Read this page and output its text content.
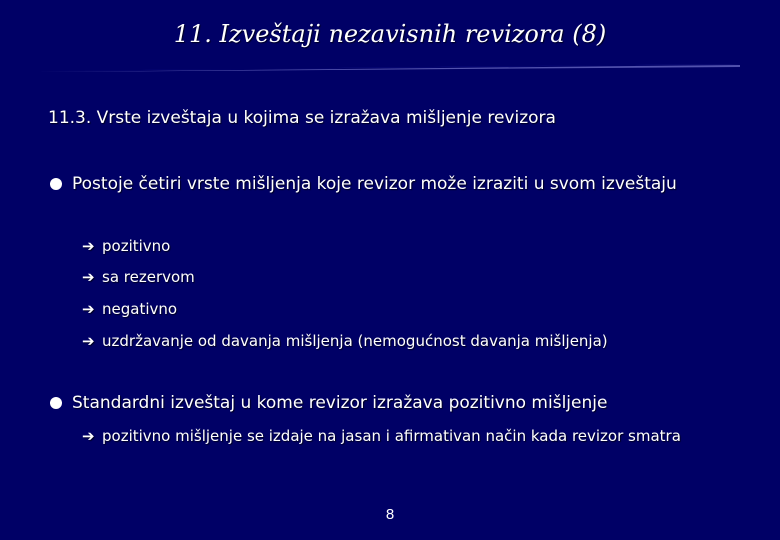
11. Izveštaji nezavisnih revizora (8)
11.3. Vrste izveštaja u kojima se izražava mišljenje revizora
Postoje četiri vrste mišljenja koje revizor može izraziti u svom izveštaju
➔ pozitivno
➔ sa rezervom
➔ negativno
➔ uzdržavanje od davanja mišljenja (nemogućnost davanja mišljenja)
Standardni izveštaj u kome revizor izražava pozitivno mišljenje
➔ pozitivno mišljenje se izdaje na jasan i afirmativan način kada revizor smatra
8
